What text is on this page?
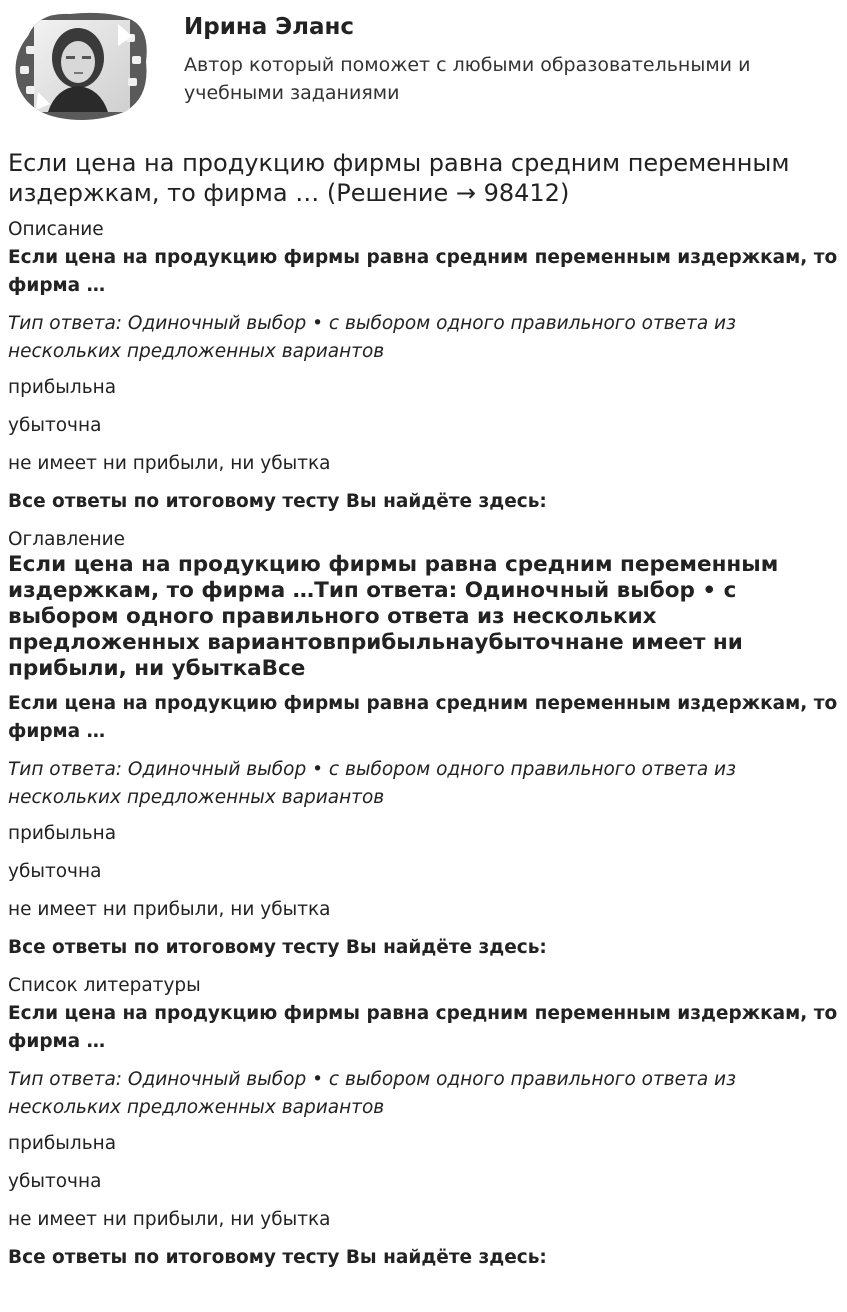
Ирина Эланс
Автор который поможет с любыми образовательными и учебными заданиями
Если цена на продукцию фирмы равна средним переменным издержкам, то фирма … (Решение → 98412)
Описание

Если цена на продукцию фирмы равна средним переменным издержкам, то фирма …

Тип ответа: Одиночный выбор • с выбором одного правильного ответа из нескольких предложенных вариантов

прибыльна

убыточна

не имеет ни прибыли, ни убытка

Все ответы по итоговому тесту Вы найдёте здесь:

Оглавление

Если цена на продукцию фирмы равна средним переменным издержкам, то фирма …Тип ответа: Одиночный выбор • с выбором одного правильного ответа из нескольких предложенных вариантовприбыльнаубыточнане имеет ни прибыли, ни убыткаВсе

Если цена на продукцию фирмы равна средним переменным издержкам, то фирма …

Тип ответа: Одиночный выбор • с выбором одного правильного ответа из нескольких предложенных вариантов

прибыльна

убыточна

не имеет ни прибыли, ни убытка

Все ответы по итоговому тесту Вы найдёте здесь:

Список литературы

Если цена на продукцию фирмы равна средним переменным издержкам, то фирма …

Тип ответа: Одиночный выбор • с выбором одного правильного ответа из нескольких предложенных вариантов

прибыльна

убыточна

не имеет ни прибыли, ни убытка

Все ответы по итоговому тесту Вы найдёте здесь:
